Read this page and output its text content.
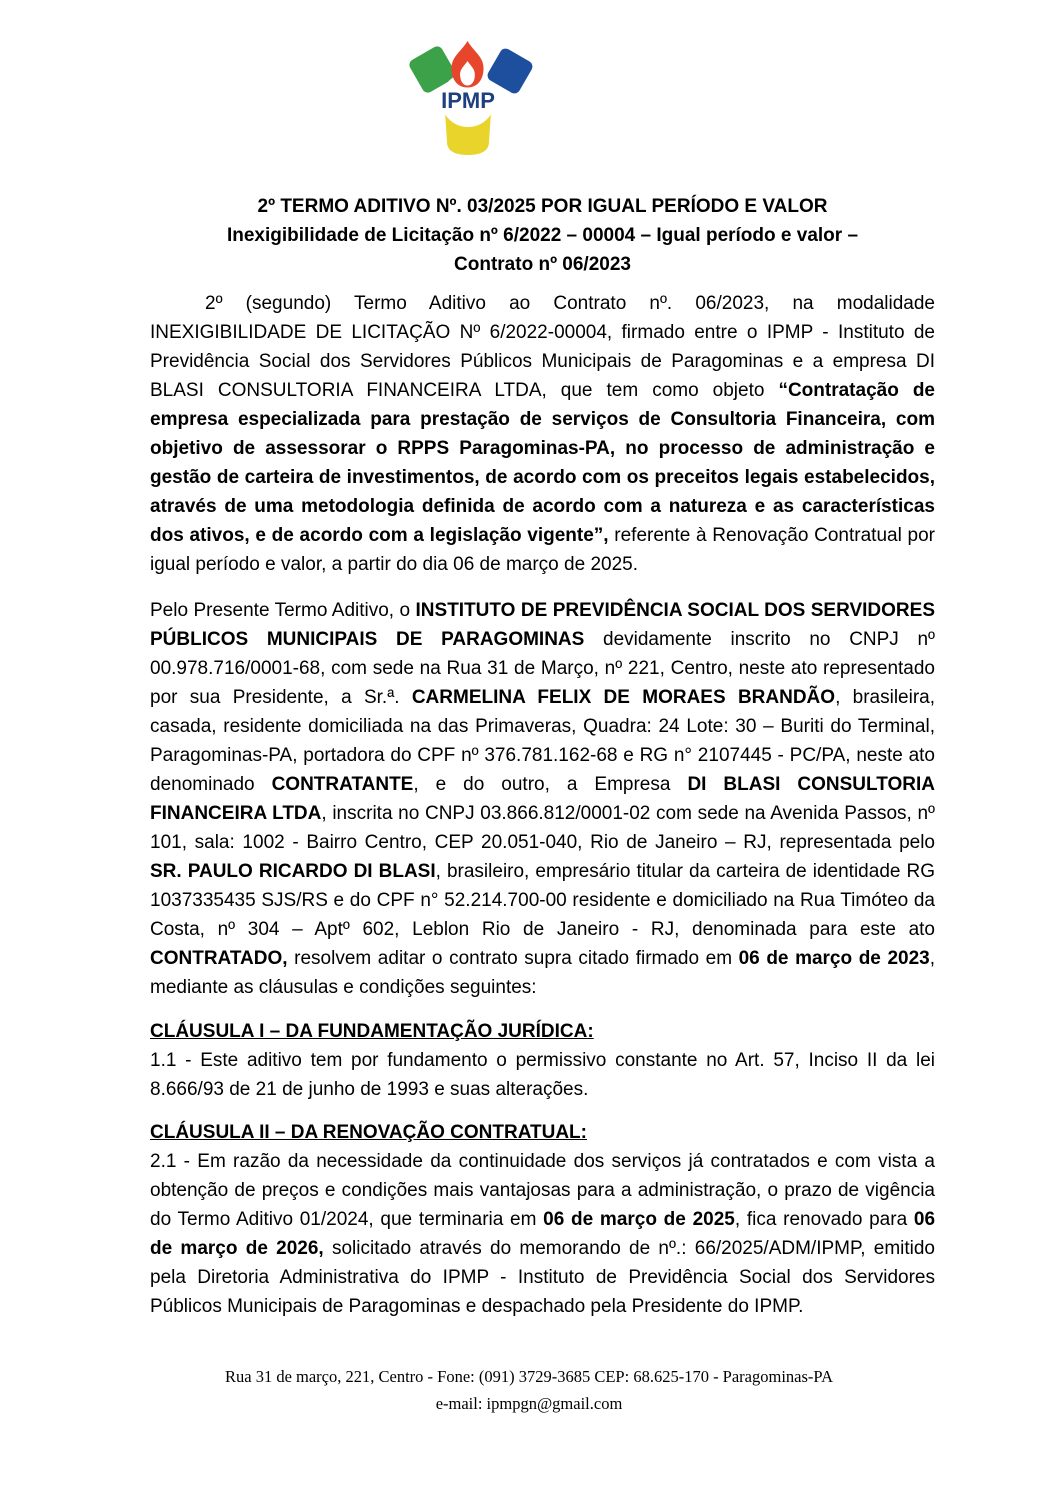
IPMP
2º TERMO ADITIVO Nº. 03/2025 POR IGUAL PERÍODO E VALOR
Inexigibilidade de Licitação nº 6/2022 – 00004 – Igual período e valor –
Contrato nº 06/2023

2º (segundo) Termo Aditivo ao Contrato nº. 06/2023, na modalidade INEXIGIBILIDADE DE LICITAÇÃO Nº 6/2022-00004, firmado entre o IPMP - Instituto de Previdência Social dos Servidores Públicos Municipais de Paragominas e a empresa DI BLASI CONSULTORIA FINANCEIRA LTDA, que tem como objeto “Contratação de empresa especializada para prestação de serviços de Consultoria Financeira, com objetivo de assessorar o RPPS Paragominas-PA, no processo de administração e gestão de carteira de investimentos, de acordo com os preceitos legais estabelecidos, através de uma metodologia definida de acordo com a natureza e as características dos ativos, e de acordo com a legislação vigente”, referente à Renovação Contratual por igual período e valor, a partir do dia 06 de março de 2025.

Pelo Presente Termo Aditivo, o INSTITUTO DE PREVIDÊNCIA SOCIAL DOS SERVIDORES PÚBLICOS MUNICIPAIS DE PARAGOMINAS devidamente inscrito no CNPJ nº 00.978.716/0001-68, com sede na Rua 31 de Março, nº 221, Centro, neste ato representado por sua Presidente, a Sr.ª. CARMELINA FELIX DE MORAES BRANDÃO, brasileira, casada, residente domiciliada na das Primaveras, Quadra: 24 Lote: 30 – Buriti do Terminal, Paragominas-PA, portadora do CPF nº 376.781.162-68 e RG n° 2107445 - PC/PA, neste ato denominado CONTRATANTE, e do outro, a Empresa DI BLASI CONSULTORIA FINANCEIRA LTDA, inscrita no CNPJ 03.866.812/0001-02 com sede na Avenida Passos, nº 101, sala: 1002 - Bairro Centro, CEP 20.051-040, Rio de Janeiro – RJ, representada pelo SR. PAULO RICARDO DI BLASI, brasileiro, empresário titular da carteira de identidade RG 1037335435 SJS/RS e do CPF n° 52.214.700-00 residente e domiciliado na Rua Timóteo da Costa, nº 304 – Aptº 602, Leblon Rio de Janeiro - RJ, denominada para este ato CONTRATADO, resolvem aditar o contrato supra citado firmado em 06 de março de 2023, mediante as cláusulas e condições seguintes:

CLÁUSULA I – DA FUNDAMENTAÇÃO JURÍDICA:

1.1 - Este aditivo tem por fundamento o permissivo constante no Art. 57, Inciso II da lei 8.666/93 de 21 de junho de 1993 e suas alterações.

CLÁUSULA II – DA RENOVAÇÃO CONTRATUAL:

2.1 - Em razão da necessidade da continuidade dos serviços já contratados e com vista a obtenção de preços e condições mais vantajosas para a administração, o prazo de vigência do Termo Aditivo 01/2024, que terminaria em 06 de março de 2025, fica renovado para 06 de março de 2026, solicitado através do memorando de nº.: 66/2025/ADM/IPMP, emitido pela Diretoria Administrativa do IPMP - Instituto de Previdência Social dos Servidores Públicos Municipais de Paragominas e despachado pela Presidente do IPMP.

Rua 31 de março, 221, Centro - Fone: (091) 3729-3685 CEP: 68.625-170 - Paragominas-PA
e-mail: ipmpgn@gmail.com
